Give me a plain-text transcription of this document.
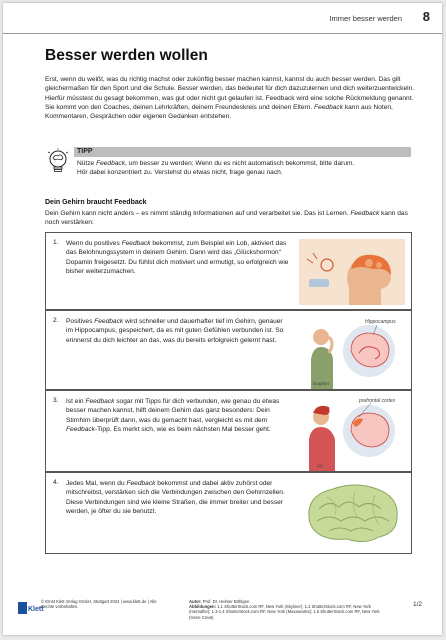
Immer besser werden 8
Besser werden wollen

Erst, wenn du weißt, was du richtig machst oder zukünftig besser machen kannst, kannst du auch besser werden. Das gilt gleichermaßen für den Sport und die Schule. Besser werden, das bedeutet für dich dazuzulernen und dich weiterzuentwickeln. Hierfür müsstest du gesagt bekommen, was gut oder nicht gut gelaufen ist. Feedback wird eine solche Rückmeldung genannt. Sie kommt von den Coaches, deinen Lehrkräften, deinem Freundeskreis und deinen Eltern. Feedback kann aus Noten, Kommentaren, Gesprächen oder eigenen Gedanken entstehen.

TIPP
Nütze Feedback, um besser zu werden: Wenn du es nicht automatisch bekommst, bitte darum.
Hör dabei konzentriert zu. Verstehst du etwas nicht, frage genau nach.
Dein Gehirn braucht Feedback
Dein Gehirn kann nicht anders – es nimmt ständig Informationen auf und verarbeitet sie. Das ist Lernen. Feedback kann das noch verstärken:
1. Wenn du positives Feedback bekommst, zum Beispiel ein Lob, aktiviert das das Belohnungssystem in deinem Gehirn. Dann wird das „Glückshormon“ Dopamin freigesetzt. Du fühlst dich motiviert und ermutigt, so erfolgreich wie bisher weiterzumachen.
2. Positives Feedback wird schneller und dauerhafter tief im Gehirn, genauer im Hippocampus, gespeichert, da es mit guten Gefühlen verbunden ist. So erinnerst du dich leichter an das, was du bereits erfolgreich gelernt hast.
Hippocampus
laughter
3. Ist ein Feedback sogar mit Tipps für dich verbunden, wie genau du etwas besser machen kannst, hilft deinem Gehirn das ganz besonders: Dein Stirnhirn überprüft dann, was du gemacht hast, vergleicht es mit dem Feedback-Tipp. Es merkt sich, wie es beim nächsten Mal besser geht.
prefrontal cortex
joy
4. Jedes Mal, wenn du Feedback bekommst und dabei aktiv zuhörst oder mitschreibst, verstärken sich die Verbindungen zwischen den Gehirnzellen. Diese Verbindungen sind wie kleine Straßen, die immer breiter und besser werden, je öfter du sie benutzt.
Klett
© Ernst Klett Verlag GmbH, Stuttgart 2024 | www.klett.de | Alle Rechte vorbehalten.
Autor: Prof. Dr. Helmer Böhlgen
Abbildungen: 1.1 ShutterStock.com RF, New York (Skyliner); 1.2 ShutterStock.com RF, New York (mentalfor); 1.3-1.4 ShutterStock.com RF, New York (Maxxiworks); 1.5 ShutterStock.com RF, New York (Gene Creat)
1/2
